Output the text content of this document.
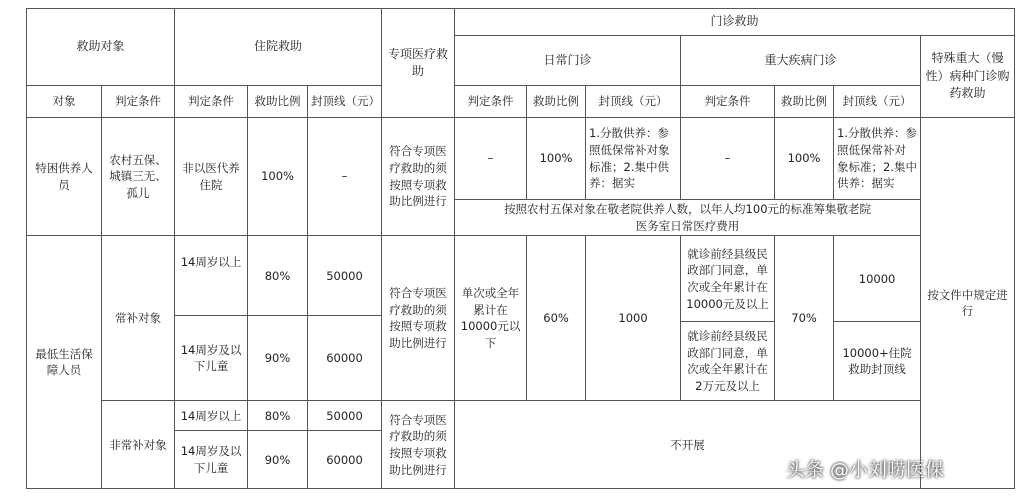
救助对象		住院救助			专项医疗救助	门诊救助						
						日常门诊			重大疾病门诊			特殊重大（慢性）病种门诊购药救助
对象	判定条件	判定条件	救助比例	封顶线（元）		判定条件	救助比例	封顶线（元）	判定条件	救助比例	封顶线（元）	
特困供养人员	农村五保、城镇三无、孤儿	非以医代养住院	100%	–	符合专项医疗救助的须按照专项救助比例进行	–	100%	1.分散供养：参照低保常补对象标准；2.集中供养：据实	–	100%	1.分散供养：参照低保常补对象标准；2.集中供养：据实	按文件中规定进行
						按照农村五保对象在敬老院供养人数，以年人均100元的标准筹集敬老院医务室日常医疗费用						
最低生活保障人员	常补对象	14周岁以上	80%	50000	符合专项医疗救助的须按照专项救助比例进行	单次或全年累计在10000元以下	60%	1000	就诊前经县级民政部门同意，单次或全年累计在10000元及以上	70%	10000	
		14周岁及以下儿童	90%	60000								
									就诊前经县级民政部门同意，单次或全年累计在2万元及以上		10000+住院救助封顶线	
	非常补对象	14周岁以上	80%	50000	符合专项医疗救助的须按照专项救助比例进行	不开展						
		14周岁及以下儿童	90%	60000									头条 @小刘唠医保
